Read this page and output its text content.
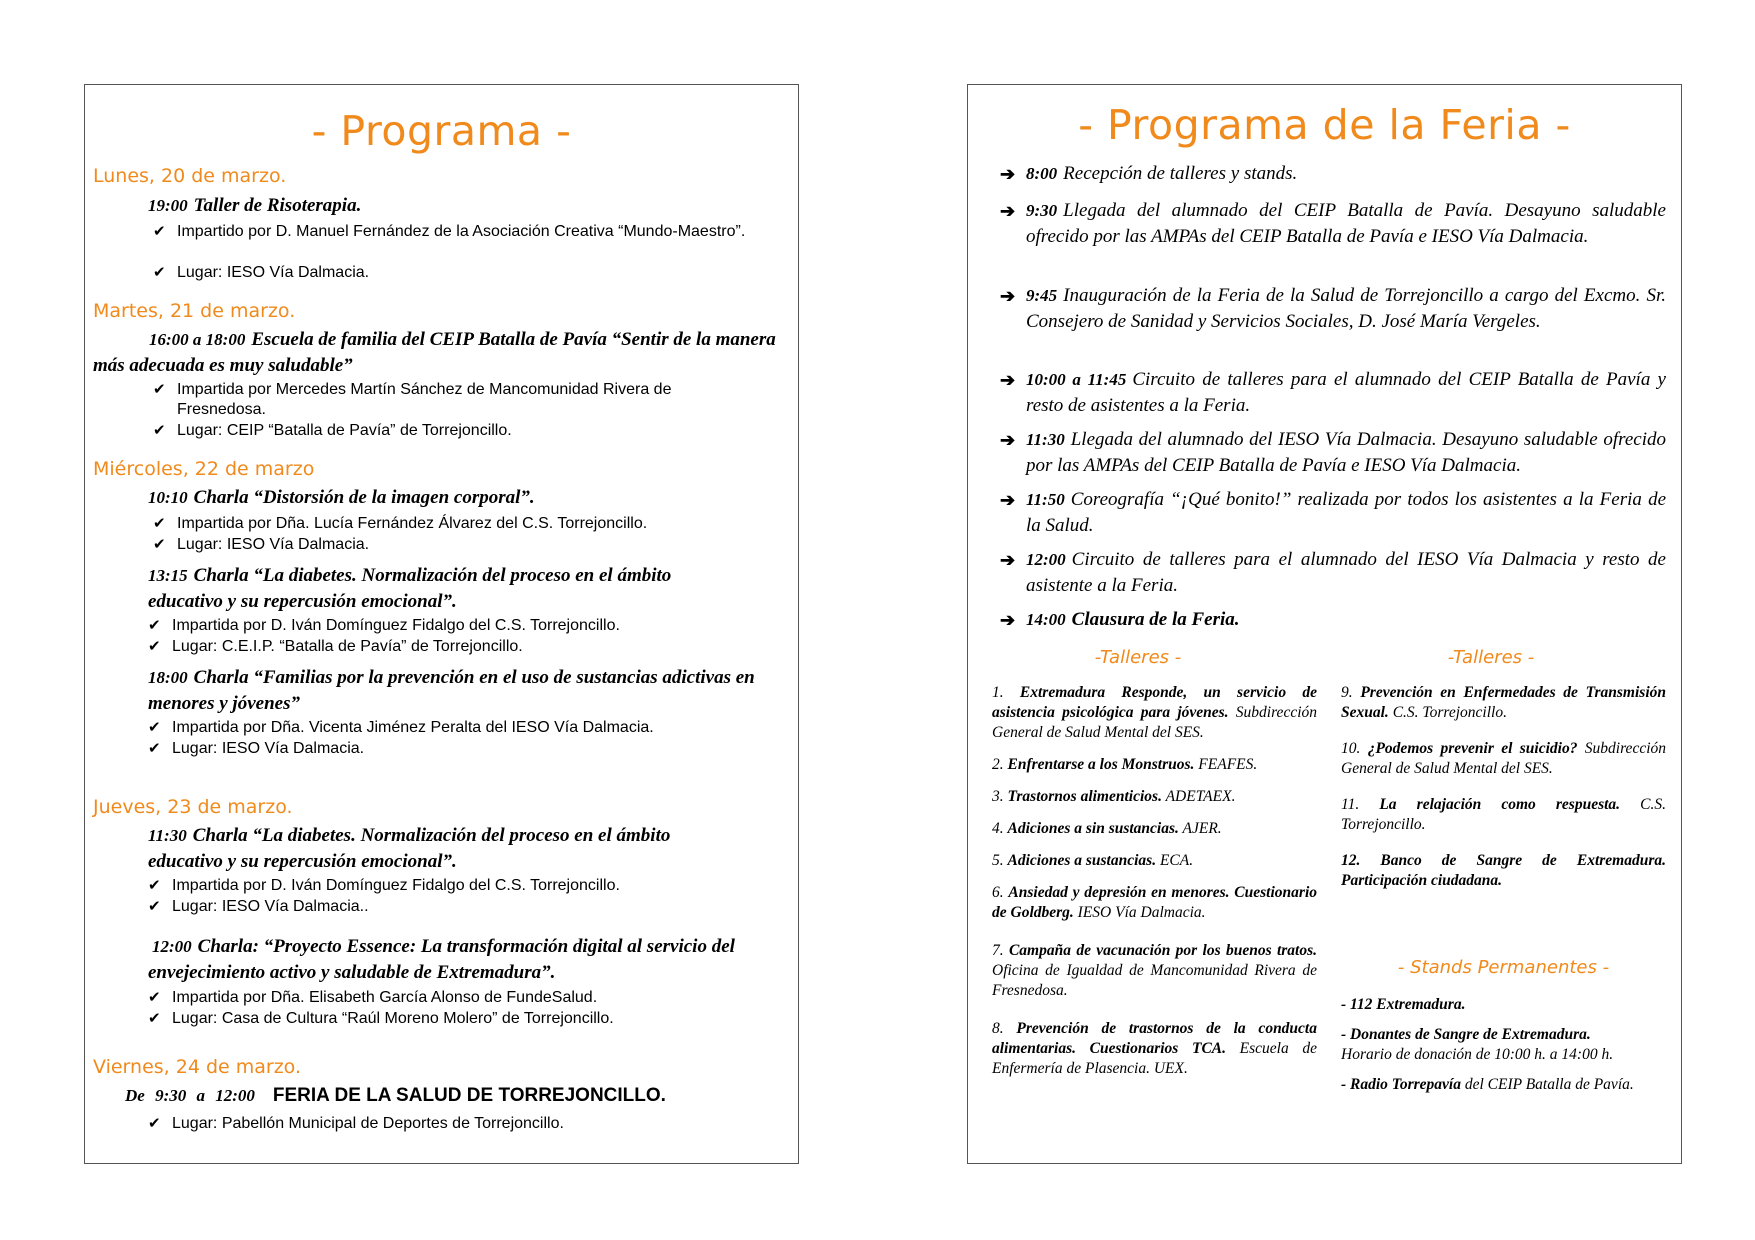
- Programa -
Lunes, 20 de marzo.
19:00 Taller de Risoterapia.
✔ Impartido por D. Manuel Fernández de la Asociación Creativa “Mundo-Maestro”.
✔ Lugar: IESO Vía Dalmacia.
Martes, 21 de marzo.
16:00 a 18:00 Escuela de familia del CEIP Batalla de Pavía “Sentir de la manera más adecuada es muy saludable”
✔ Impartida por Mercedes Martín Sánchez de Mancomunidad Rivera de Fresnedosa.
✔ Lugar: CEIP “Batalla de Pavía” de Torrejoncillo.
Miércoles, 22 de marzo
10:10 Charla “Distorsión de la imagen corporal”.
✔ Impartida por Dña. Lucía Fernández Álvarez del C.S. Torrejoncillo.
✔ Lugar: IESO Vía Dalmacia.
13:15 Charla “La diabetes. Normalización del proceso en el ámbito educativo y su repercusión emocional”.
✔ Impartida por D. Iván Domínguez Fidalgo del C.S. Torrejoncillo.
✔ Lugar: C.E.I.P. “Batalla de Pavía” de Torrejoncillo.
18:00 Charla “Familias por la prevención en el uso de sustancias adictivas en menores y jóvenes”
✔ Impartida por Dña. Vicenta Jiménez Peralta del IESO Vía Dalmacia.
✔ Lugar: IESO Vía Dalmacia.
Jueves, 23 de marzo.
11:30 Charla “La diabetes. Normalización del proceso en el ámbito educativo y su repercusión emocional”.
✔ Impartida por D. Iván Domínguez Fidalgo del C.S. Torrejoncillo.
✔ Lugar: IESO Vía Dalmacia..
12:00 Charla: “Proyecto Essence: La transformación digital al servicio del envejecimiento activo y saludable de Extremadura”.
✔ Impartida por Dña. Elisabeth García Alonso de FundeSalud.
✔ Lugar: Casa de Cultura “Raúl Moreno Molero” de Torrejoncillo.
Viernes, 24 de marzo.
De 9:30 a 12:00 FERIA DE LA SALUD DE TORREJONCILLO.
✔ Lugar: Pabellón Municipal de Deportes de Torrejoncillo.
- Programa de la Feria -
➔ 8:00 Recepción de talleres y stands.
➔ 9:30 Llegada del alumnado del CEIP Batalla de Pavía. Desayuno saludable ofrecido por las AMPAs del CEIP Batalla de Pavía e IESO Vía Dalmacia.
➔ 9:45 Inauguración de la Feria de la Salud de Torrejoncillo a cargo del Excmo. Sr. Consejero de Sanidad y Servicios Sociales, D. José María Vergeles.
➔ 10:00 a 11:45 Circuito de talleres para el alumnado del CEIP Batalla de Pavía y resto de asistentes a la Feria.
➔ 11:30 Llegada del alumnado del IESO Vía Dalmacia. Desayuno saludable ofrecido por las AMPAs del CEIP Batalla de Pavía e IESO Vía Dalmacia.
➔ 11:50 Coreografía “¡Qué bonito!” realizada por todos los asistentes a la Feria de la Salud.
➔ 12:00 Circuito de talleres para el alumnado del IESO Vía Dalmacia y resto de asistente a la Feria.
➔ 14:00 Clausura de la Feria.
-Talleres -	-Talleres -
1. Extremadura Responde, un servicio de asistencia psicológica para jóvenes. Subdirección General de Salud Mental del SES.
2. Enfrentarse a los Monstruos. FEAFES.
3. Trastornos alimenticios. ADETAEX.
4. Adiciones a sin sustancias. AJER.
5. Adiciones a sustancias. ECA.
6. Ansiedad y depresión en menores. Cuestionario de Goldberg. IESO Vía Dalmacia.
7. Campaña de vacunación por los buenos tratos. Oficina de Igualdad de Mancomunidad Rivera de Fresnedosa.
8. Prevención de trastornos de la conducta alimentarias. Cuestionarios TCA. Escuela de Enfermería de Plasencia. UEX.
9. Prevención en Enfermedades de Transmisión Sexual. C.S. Torrejoncillo.
10. ¿Podemos prevenir el suicidio? Subdirección General de Salud Mental del SES.
11. La relajación como respuesta. C.S. Torrejoncillo.
12. Banco de Sangre de Extremadura. Participación ciudadana.
- Stands Permanentes -
- 112 Extremadura.
- Donantes de Sangre de Extremadura.
Horario de donación de 10:00 h. a 14:00 h.
- Radio Torrepavía del CEIP Batalla de Pavía.
